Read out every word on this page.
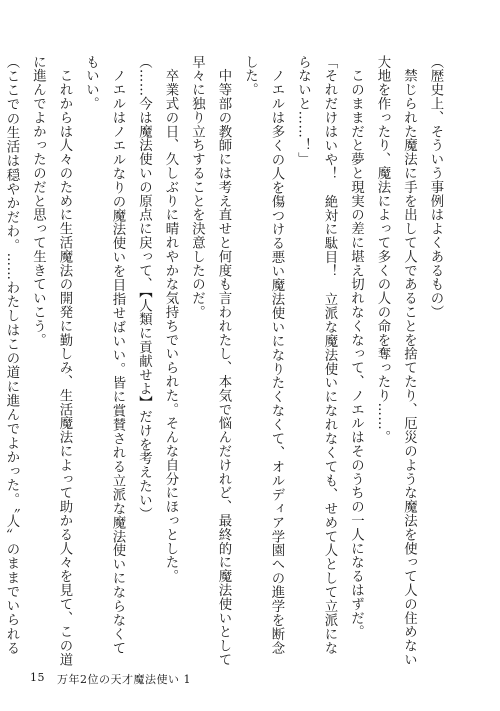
（歴史上、そういう事例はよくあるもの）
　禁じられた魔法に手を出して人であることを捨てたり、厄災のような魔法を使って人の住めない
大地を作ったり、魔法によって多くの人の命を奪ったり……。
　このままだと夢と現実の差に堪え切れなくなって、ノエルはそのうちの一人になるはずだ。
「それだけはいや！　絶対に駄目！　立派な魔法使いになれなくても、せめて人として立派にならないと……！」
　ノエルは多くの人を傷つける悪い魔法使いになりたくなくて、オルディア学園への進学を断念した。
　中等部の教師には考え直せと何度も言われたし、本気で悩んだけれど、最終的に魔法使いとして
早々に独り立ちすることを決意したのだ。
　卒業式の日、久しぶりに晴れやかな気持ちでいられた。そんな自分にほっとした。
（……今は魔法使いの原点に戻って、【人類に貢献せよ】だけを考えたい）
　ノエルはノエルなりの魔法使いを目指せばいい。皆に賞賛される立派な魔法使いにならなくてもいい。
　これからは人々のために生活魔法の開発に勤しみ、生活魔法によって助かる人々を見て、この道
に進んでよかったのだと思って生きていこう。
（ここでの生活は穏やかだわ。……わたしはこの道に進んでよかった。〝人〟のままでいられる
15 万年2位の天才魔法使い 1
